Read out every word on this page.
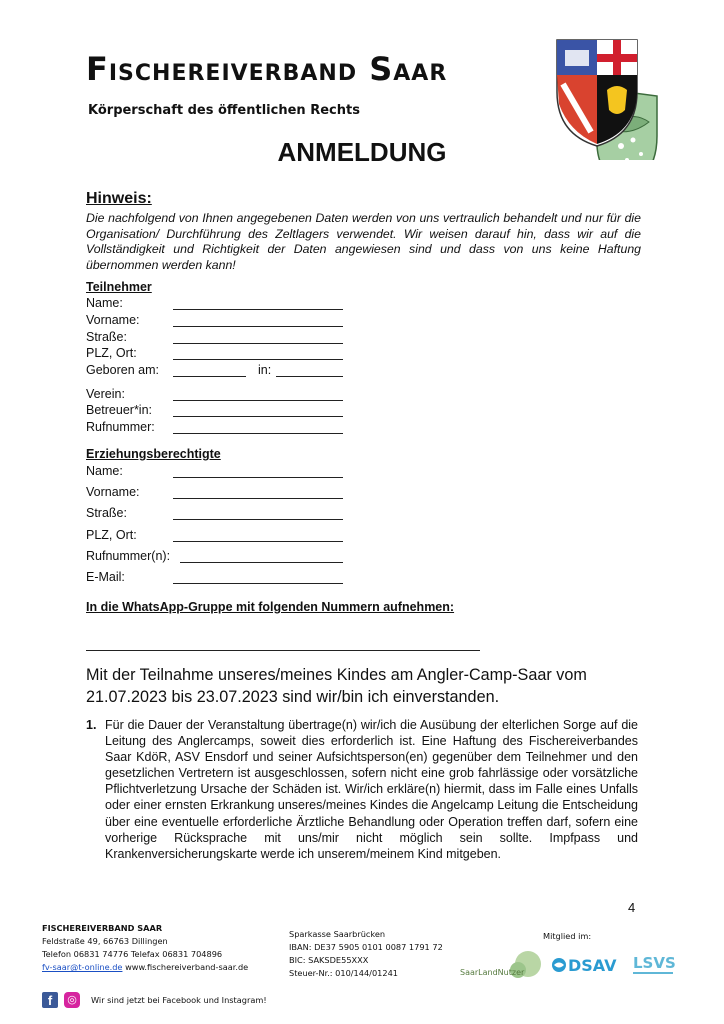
Fischereiverband Saar
Körperschaft des öffentlichen Rechts
ANMELDUNG
Hinweis:
Die nachfolgend von Ihnen angegebenen Daten werden von uns vertraulich behandelt und nur für die Organisation/ Durchführung des Zeltlagers verwendet. Wir weisen darauf hin, dass wir auf die Vollständigkeit und Richtigkeit der Daten angewiesen sind und dass von uns keine Haftung übernommen werden kann!
Teilnehmer
Name:
Vorname:
Straße:
PLZ, Ort:
Geboren am:	in:
Verein:
Betreuer*in:
Rufnummer:
Erziehungsberechtigte
Name:
Vorname:
Straße:
PLZ, Ort:
Rufnummer(n):
E-Mail:
In die WhatsApp-Gruppe mit folgenden Nummern aufnehmen:
Mit der Teilnahme unseres/meines Kindes am Angler-Camp-Saar vom 21.07.2023 bis 23.07.2023 sind wir/bin ich einverstanden.
1. Für die Dauer der Veranstaltung übertrage(n) wir/ich die Ausübung der elterlichen Sorge auf die Leitung des Anglercamps, soweit dies erforderlich ist. Eine Haftung des Fischereiverbandes Saar KdöR, ASV Ensdorf und seiner Aufsichtsperson(en) gegenüber dem Teilnehmer und den gesetzlichen Vertretern ist ausgeschlossen, sofern nicht eine grob fahrlässige oder vorsätzliche Pflichtverletzung Ursache der Schäden ist. Wir/ich erkläre(n) hiermit, dass im Falle eines Unfalls oder einer ernsten Erkrankung unseres/meines Kindes die Angelcamp Leitung die Entscheidung über eine eventuelle erforderliche Ärztliche Behandlung oder Operation treffen darf, sofern eine vorherige Rücksprache mit uns/mir nicht möglich sein sollte. Impfpass und Krankenversicherungskarte werde ich unserem/meinem Kind mitgeben.
4
FISCHEREIVERBAND SAAR
Feldstraße 49, 66763 Dillingen
Telefon 06831 74776 Telefax 06831 704896
fv-saar@t-online.de www.fischereiverband-saar.de
Sparkasse Saarbrücken
IBAN: DE37 5905 0101 0087 1791 72
BIC: SAKSDE55XXX
Steuer-Nr.: 010/144/01241
Mitglied im:
SaarLandNutzer	DSAV LSVS
f	◎	Wir sind jetzt bei Facebook und Instagram!
